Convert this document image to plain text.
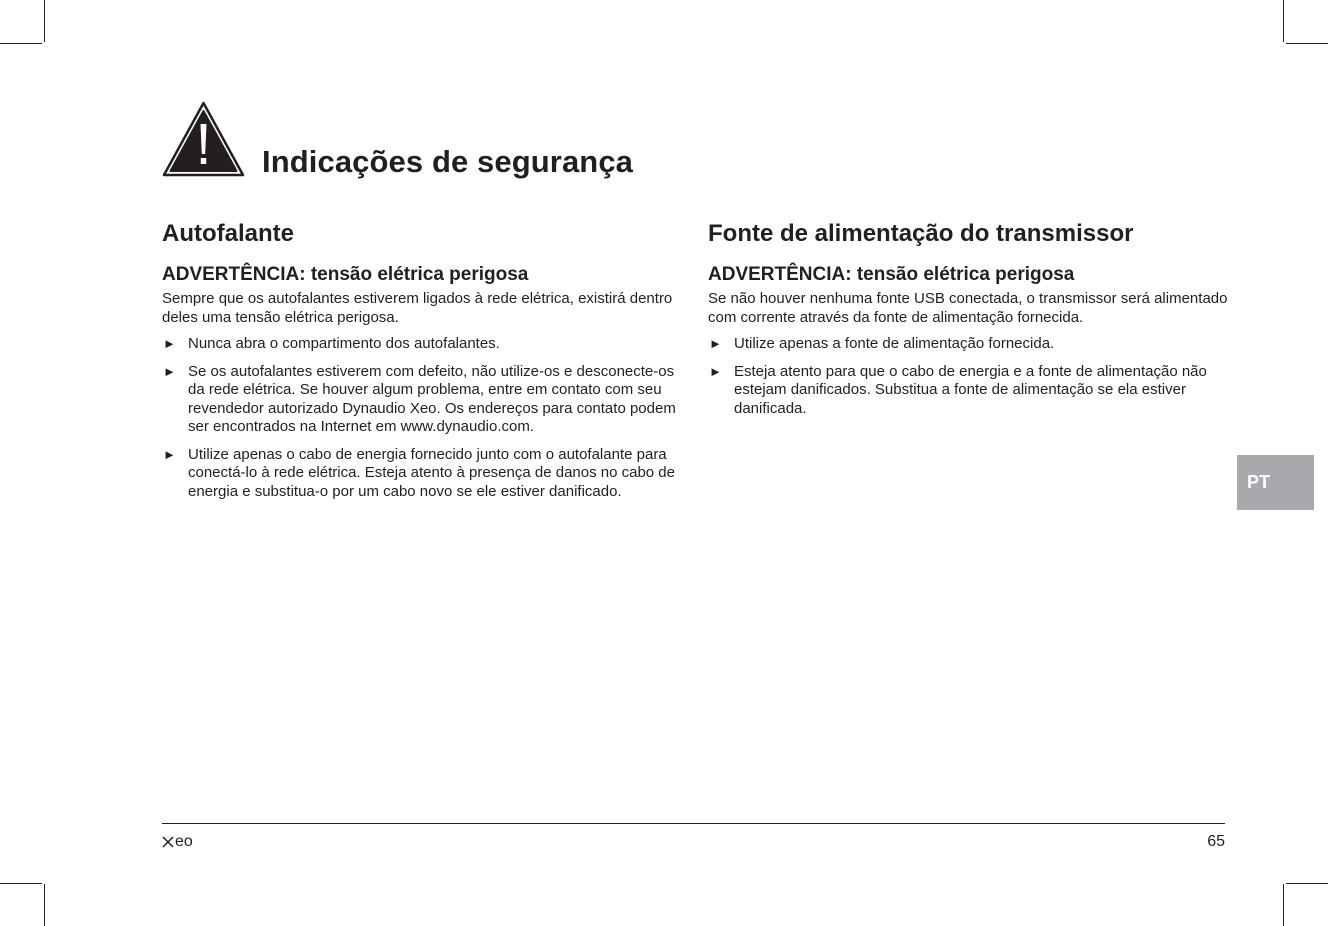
Indicações de segurança
Autofalante
ADVERTÊNCIA: tensão elétrica perigosa

Sempre que os autofalantes estiverem ligados à rede elétrica, existirá dentro deles uma tensão elétrica perigosa.

► Nunca abra o compartimento dos autofalantes.
► Se os autofalantes estiverem com defeito, não utilize-os e desconecte-os da rede elétrica. Se houver algum problema, entre em contato com seu revendedor autorizado Dynaudio Xeo. Os endereços para contato podem ser encontrados na Internet em www.dynaudio.com.
► Utilize apenas o cabo de energia fornecido junto com o autofalante para conectá-lo à rede elétrica. Esteja atento à presença de danos no cabo de energia e substitua-o por um cabo novo se ele estiver danificado.
Fonte de alimentação do transmissor
ADVERTÊNCIA: tensão elétrica perigosa

Se não houver nenhuma fonte USB conectada, o transmissor será alimentado com corrente através da fonte de alimentação fornecida.

► Utilize apenas a fonte de alimentação fornecida.
► Esteja atento para que o cabo de energia e a fonte de alimentação não estejam danificados. Substitua a fonte de alimentação se ela estiver danificada.
PT
eo	65
